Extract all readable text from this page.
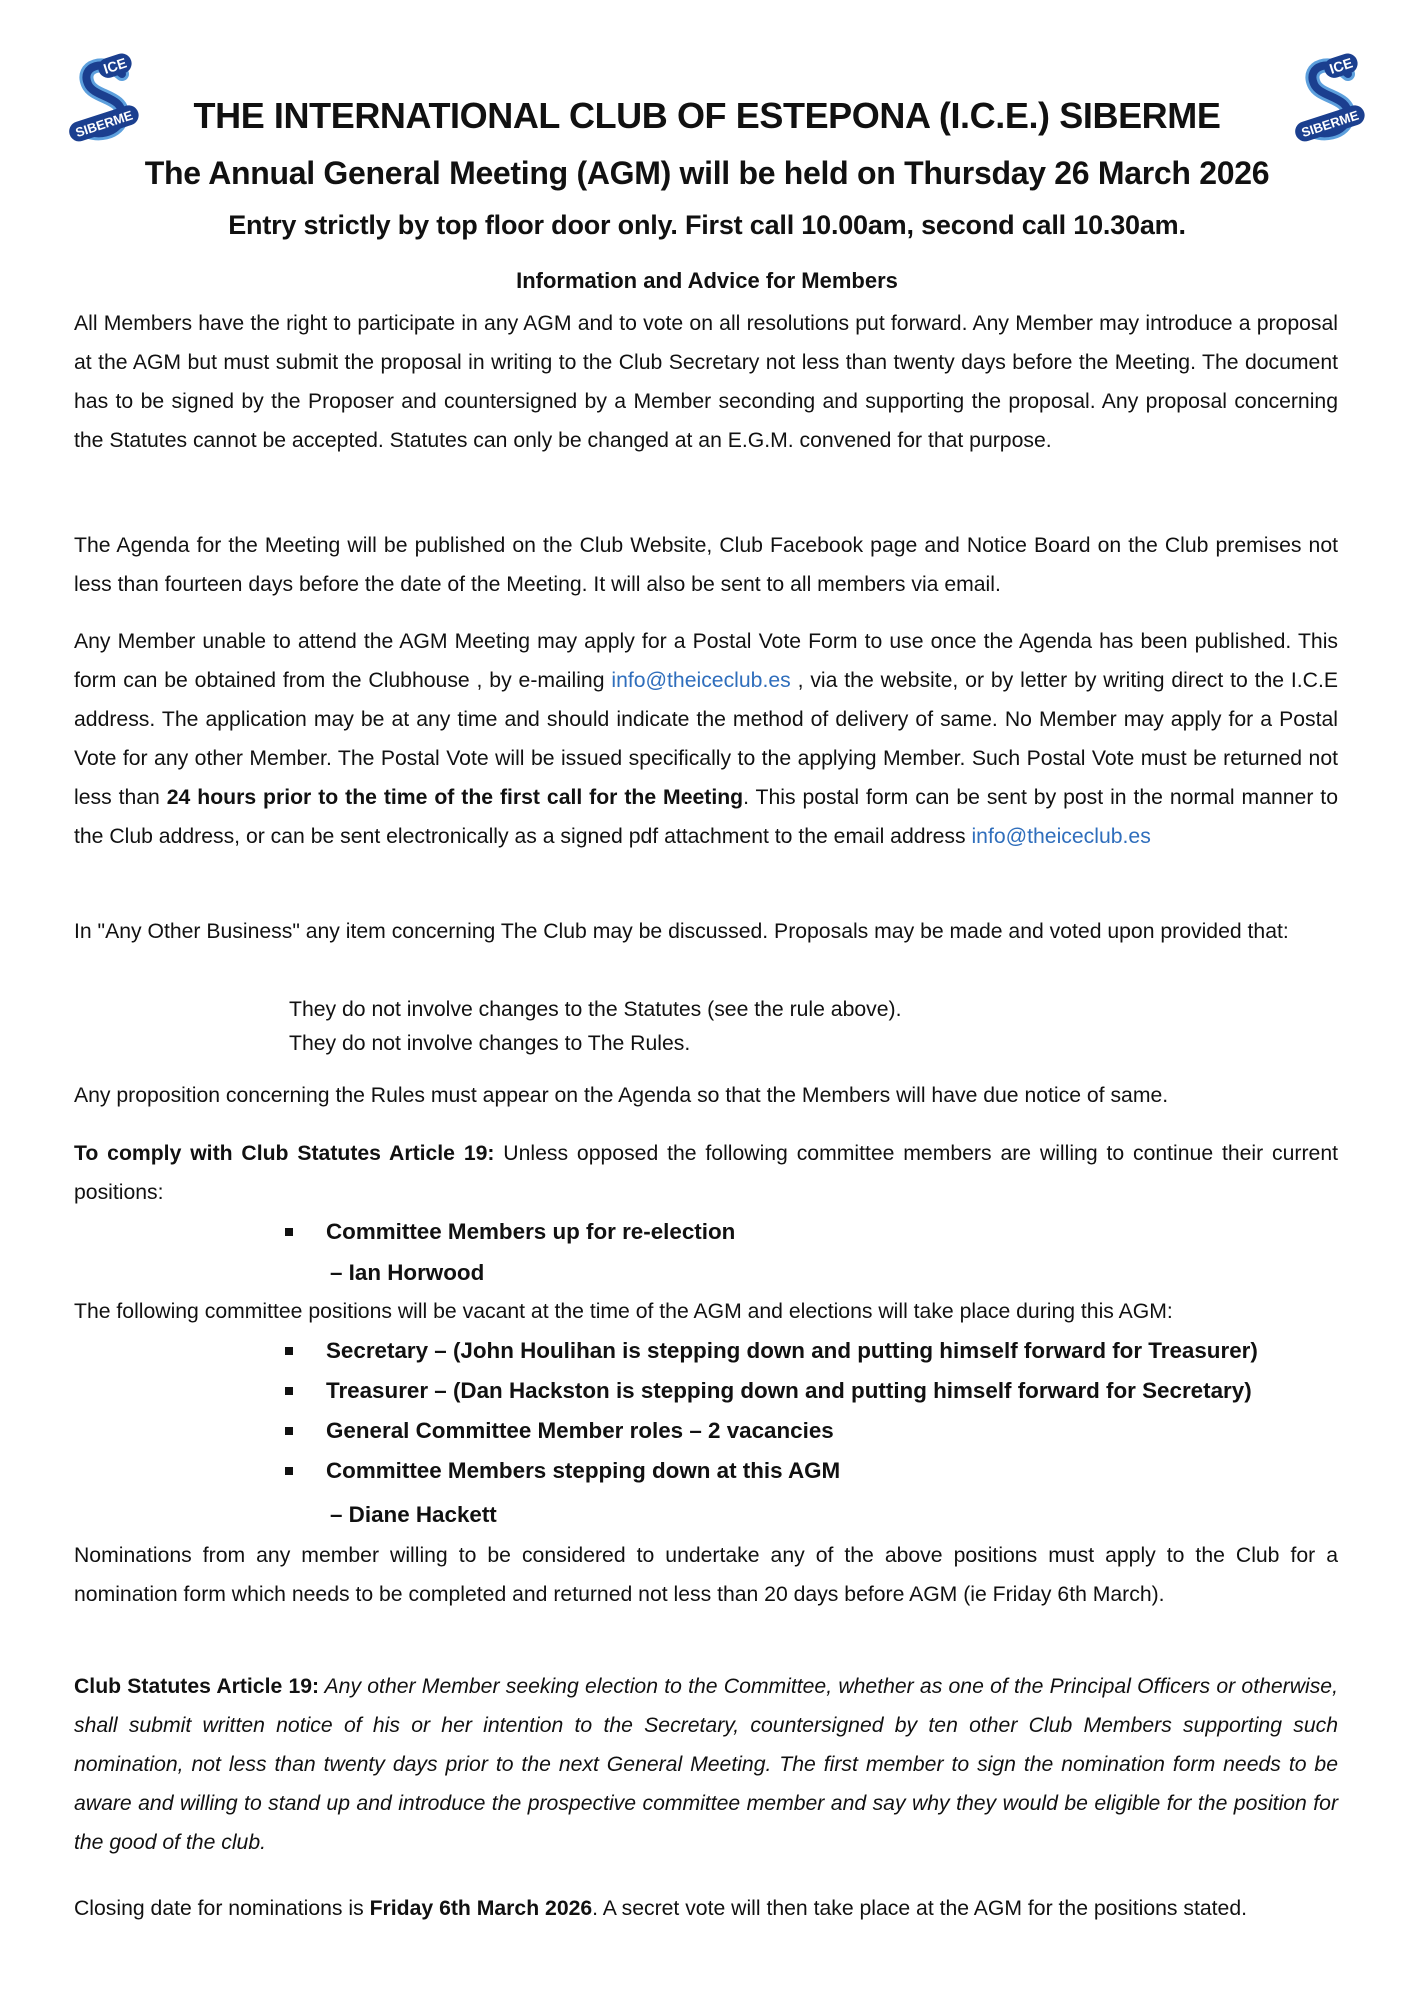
ICE
SIBERME
ICE
SIBERME
THE INTERNATIONAL CLUB OF ESTEPONA (I.C.E.) SIBERME
The Annual General Meeting (AGM) will be held on Thursday 26 March 2026
Entry strictly by top floor door only. First call 10.00am, second call 10.30am.
Information and Advice for Members

All Members have the right to participate in any AGM and to vote on all resolutions put forward. Any Member may introduce a proposal at the AGM but must submit the proposal in writing to the Club Secretary not less than twenty days before the Meeting. The document has to be signed by the Proposer and countersigned by a Member seconding and supporting the proposal. Any proposal concerning the Statutes cannot be accepted. Statutes can only be changed at an E.G.M. convened for that purpose.

The Agenda for the Meeting will be published on the Club Website, Club Facebook page and Notice Board on the Club premises not less than fourteen days before the date of the Meeting. It will also be sent to all members via email.

Any Member unable to attend the AGM Meeting may apply for a Postal Vote Form to use once the Agenda has been published. This form can be obtained from the Clubhouse , by e-mailing info@theiceclub.es , via the website, or by letter by writing direct to the I.C.E address. The application may be at any time and should indicate the method of delivery of same. No Member may apply for a Postal Vote for any other Member. The Postal Vote will be issued specifically to the applying Member. Such Postal Vote must be returned not less than 24 hours prior to the time of the first call for the Meeting. This postal form can be sent by post in the normal manner to the Club address, or can be sent electronically as a signed pdf attachment to the email address info@theiceclub.es

In "Any Other Business" any item concerning The Club may be discussed. Proposals may be made and voted upon provided that:

They do not involve changes to the Statutes (see the rule above).

They do not involve changes to The Rules.

Any proposition concerning the Rules must appear on the Agenda so that the Members will have due notice of same.

To comply with Club Statutes Article 19: Unless opposed the following committee members are willing to continue their current positions:

Committee Members up for re-election
– Ian Horwood

The following committee positions will be vacant at the time of the AGM and elections will take place during this AGM:

Secretary – (John Houlihan is stepping down and putting himself forward for Treasurer)
Treasurer – (Dan Hackston is stepping down and putting himself forward for Secretary)
General Committee Member roles – 2 vacancies
Committee Members stepping down at this AGM
– Diane Hackett

Nominations from any member willing to be considered to undertake any of the above positions must apply to the Club for a nomination form which needs to be completed and returned not less than 20 days before AGM (ie Friday 6th March).

Club Statutes Article 19: Any other Member seeking election to the Committee, whether as one of the Principal Officers or otherwise, shall submit written notice of his or her intention to the Secretary, countersigned by ten other Club Members supporting such nomination, not less than twenty days prior to the next General Meeting. The first member to sign the nomination form needs to be aware and willing to stand up and introduce the prospective committee member and say why they would be eligible for the position for the good of the club.

Closing date for nominations is Friday 6th March 2026. A secret vote will then take place at the AGM for the positions stated.
